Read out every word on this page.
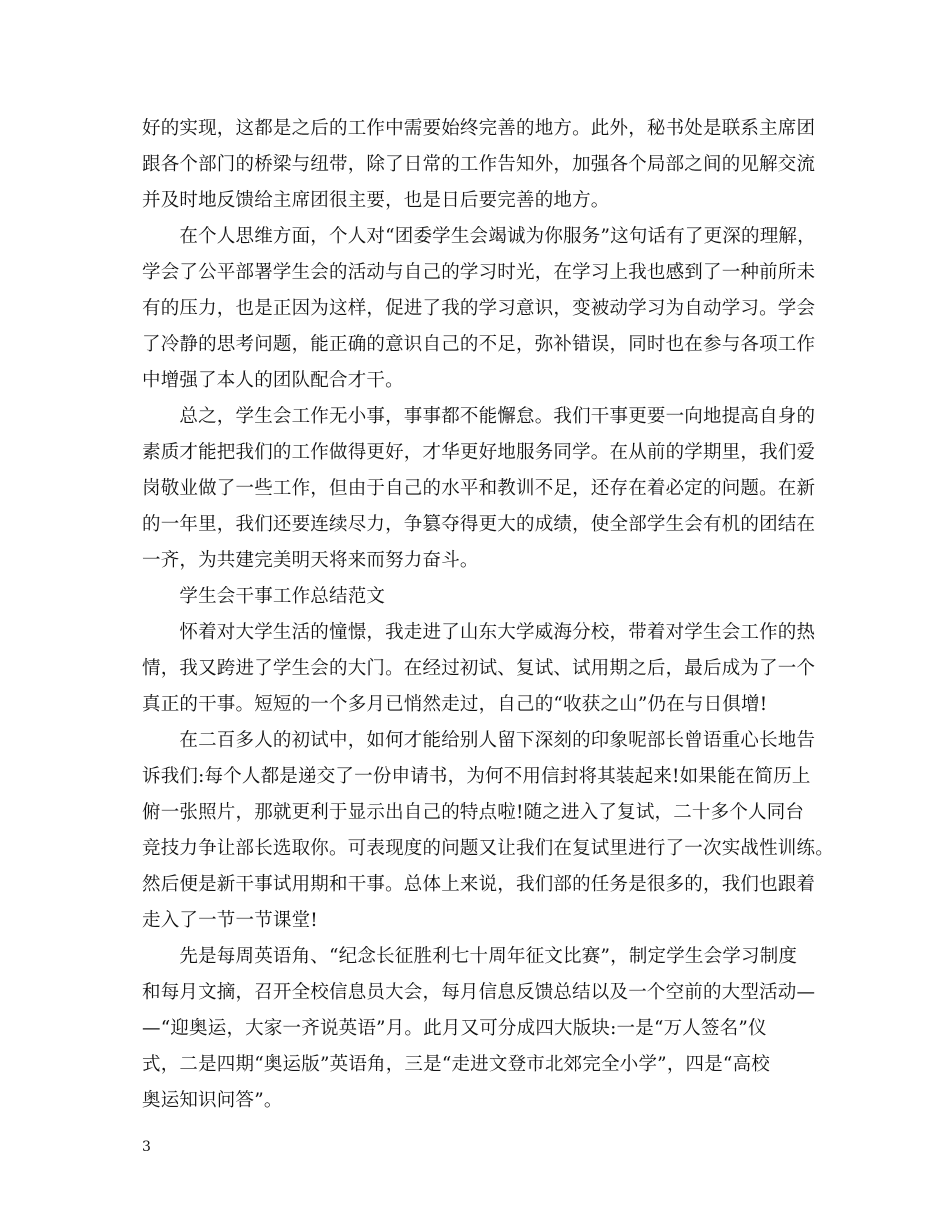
好的实现，这都是之后的工作中需要始终完善的地方。此外，秘书处是联系主席团
跟各个部门的桥梁与纽带，除了日常的工作告知外，加强各个局部之间的见解交流
并及时地反馈给主席团很主要，也是日后要完善的地方。
　　在个人思维方面，个人对“团委学生会竭诚为你服务”这句话有了更深的理解，
学会了公平部署学生会的活动与自己的学习时光，在学习上我也感到了一种前所未
有的压力，也是正因为这样，促进了我的学习意识，变被动学习为自动学习。学会
了冷静的思考问题，能正确的意识自己的不足，弥补错误，同时也在参与各项工作
中增强了本人的团队配合才干。
　　总之，学生会工作无小事，事事都不能懈怠。我们干事更要一向地提高自身的
素质才能把我们的工作做得更好，才华更好地服务同学。在从前的学期里，我们爱
岗敬业做了一些工作，但由于自己的水平和教训不足，还存在着必定的问题。在新
的一年里，我们还要连续尽力，争篡夺得更大的成绩，使全部学生会有机的团结在
一齐，为共建完美明天将来而努力奋斗。
　　学生会干事工作总结范文
　　怀着对大学生活的憧憬，我走进了山东大学威海分校，带着对学生会工作的热
情，我又跨进了学生会的大门。在经过初试、复试、试用期之后，最后成为了一个
真正的干事。短短的一个多月已悄然走过，自己的“收获之山”仍在与日俱增!
　　在二百多人的初试中，如何才能给别人留下深刻的印象呢部长曾语重心长地告
诉我们:每个人都是递交了一份申请书，为何不用信封将其装起来!如果能在简历上
俯一张照片，那就更利于显示出自己的特点啦!随之进入了复试，二十多个人同台
竞技力争让部长选取你。可表现度的问题又让我们在复试里进行了一次实战性训练。
然后便是新干事试用期和干事。总体上来说，我们部的任务是很多的，我们也跟着
走入了一节一节课堂!
　　先是每周英语角、“纪念长征胜利七十周年征文比赛”，制定学生会学习制度
和每月文摘，召开全校信息员大会，每月信息反馈总结以及一个空前的大型活动—
—“迎奥运，大家一齐说英语”月。此月又可分成四大版块:一是“万人签名”仪
式，二是四期“奥运版”英语角，三是“走进文登市北郊完全小学”，四是“高校
奥运知识问答”。
3
